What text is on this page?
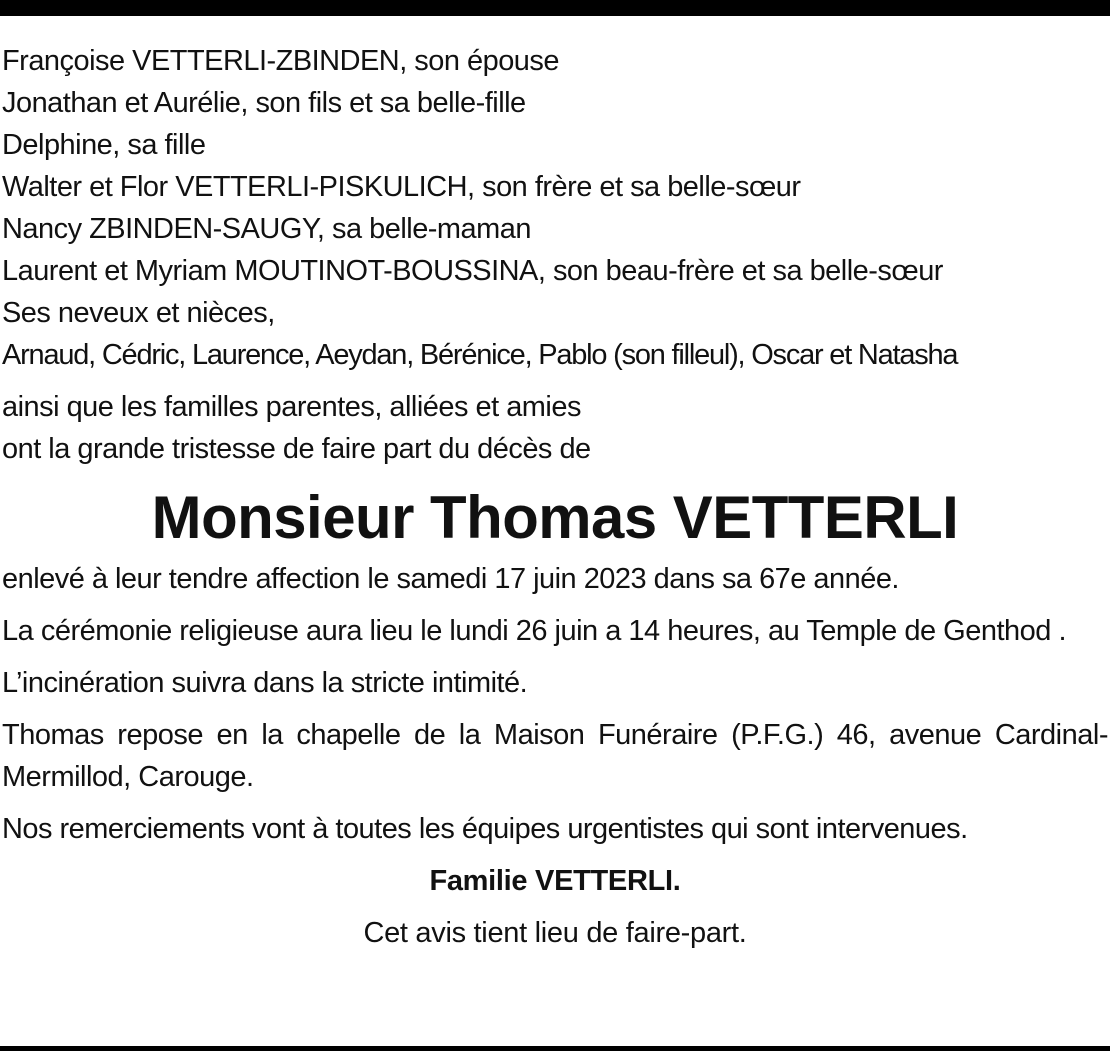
Françoise VETTERLI-ZBINDEN, son épouse
Jonathan et Aurélie, son fils et sa belle-fille
Delphine, sa fille
Walter et Flor VETTERLI-PISKULICH, son frère et sa belle-sœur
Nancy ZBINDEN-SAUGY, sa belle-maman
Laurent et Myriam MOUTINOT-BOUSSINA, son beau-frère et sa belle-sœur
Ses neveux et nièces,
Arnaud, Cédric, Laurence, Aeydan, Bérénice, Pablo (son filleul), Oscar et Natasha
ainsi que les familles parentes, alliées et amies
ont la grande tristesse de faire part du décès de
Monsieur Thomas VETTERLI
enlevé à leur tendre affection le samedi 17 juin 2023 dans sa 67e année.
La cérémonie religieuse aura lieu le lundi 26 juin a 14 heures, au Temple de Genthod .
L’incinération suivra dans la stricte intimité.
Thomas repose en la chapelle de la Maison Funéraire (P.F.G.) 46, avenue Cardinal-Mermillod, Carouge.
Nos remerciements vont à toutes les équipes urgentistes qui sont intervenues.
Familie VETTERLI.
Cet avis tient lieu de faire-part.
